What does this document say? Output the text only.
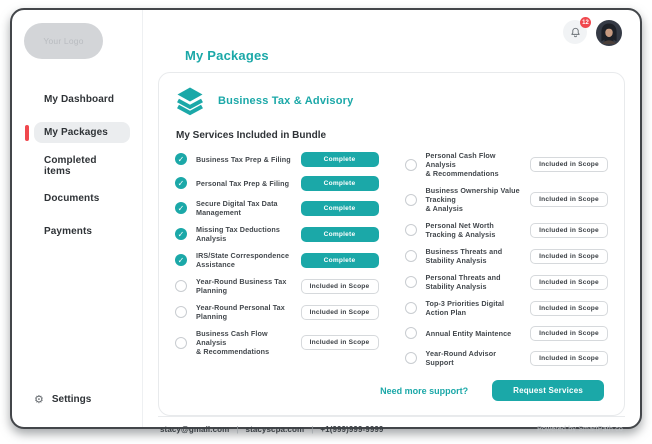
Your Logo
My Dashboard
My Packages
Completed items
Documents
Payments
⚙ Settings
12
My Packages
Business Tax & Advisory
My Services Included in Bundle
✓
Business Tax Prep & Filing	Complete
✓
Personal Tax Prep & Filing	Complete
✓
Secure Digital Tax Data Management	Complete
✓
Missing Tax Deductions Analysis	Complete
✓
IRS/State Correspondence Assistance	Complete
Year-Round Business Tax Planning	Included in Scope
Year-Round Personal Tax Planning	Included in Scope
Business Cash Flow Analysis
& Recommendations
Included in Scope
Personal Cash Flow Analysis
& Recommendations
Included in Scope
Business Ownership Value Tracking
& Analysis
Included in Scope
Personal Net Worth Tracking & Analysis	Included in Scope
Business Threats and Stability Analysis	Included in Scope
Personal Threats and Stability Analysis	Included in Scope
Top-3 Priorities Digital Action Plan	Included in Scope
Annual Entity Maintence	Included in Scope
Year-Round Advisor Support	Included in Scope
Need more support?	Request Services
stacy@gmail.com | stacyscpa.com | +1(999)999-9999	Powered by SmartPath.co
